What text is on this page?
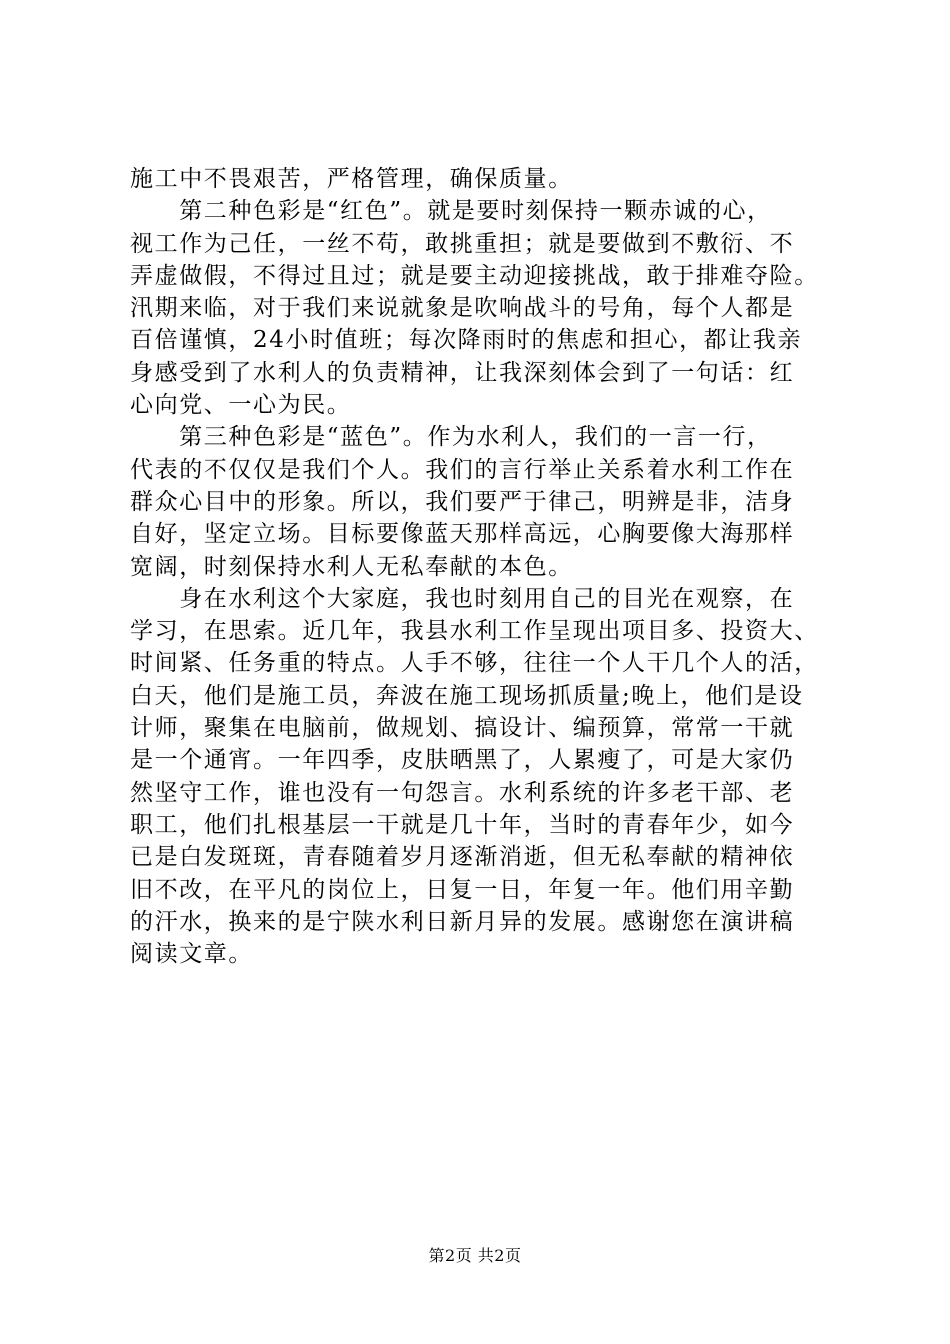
施工中不畏艰苦，严格管理，确保质量。
　　第二种色彩是“红色”。就是要时刻保持一颗赤诚的心，
视工作为己任，一丝不苟，敢挑重担；就是要做到不敷衍、不
弄虚做假，不得过且过；就是要主动迎接挑战，敢于排难夺险。
汛期来临，对于我们来说就象是吹响战斗的号角，每个人都是
百倍谨慎，24小时值班；每次降雨时的焦虑和担心，都让我亲
身感受到了水利人的负责精神，让我深刻体会到了一句话：红
心向党、一心为民。
　　第三种色彩是“蓝色”。作为水利人，我们的一言一行，
代表的不仅仅是我们个人。我们的言行举止关系着水利工作在
群众心目中的形象。所以，我们要严于律己，明辨是非，洁身
自好，坚定立场。目标要像蓝天那样高远，心胸要像大海那样
宽阔，时刻保持水利人无私奉献的本色。
　　身在水利这个大家庭，我也时刻用自己的目光在观察，在
学习，在思索。近几年，我县水利工作呈现出项目多、投资大、
时间紧、任务重的特点。人手不够，往往一个人干几个人的活，
白天，他们是施工员，奔波在施工现场抓质量;晚上，他们是设
计师，聚集在电脑前，做规划、搞设计、编预算，常常一干就
是一个通宵。一年四季，皮肤晒黑了，人累瘦了，可是大家仍
然坚守工作，谁也没有一句怨言。水利系统的许多老干部、老
职工，他们扎根基层一干就是几十年，当时的青春年少，如今
已是白发斑斑，青春随着岁月逐渐消逝，但无私奉献的精神依
旧不改，在平凡的岗位上，日复一日，年复一年。他们用辛勤
的汗水，换来的是宁陕水利日新月异的发展。感谢您在演讲稿
阅读文章。
第2页 共2页
